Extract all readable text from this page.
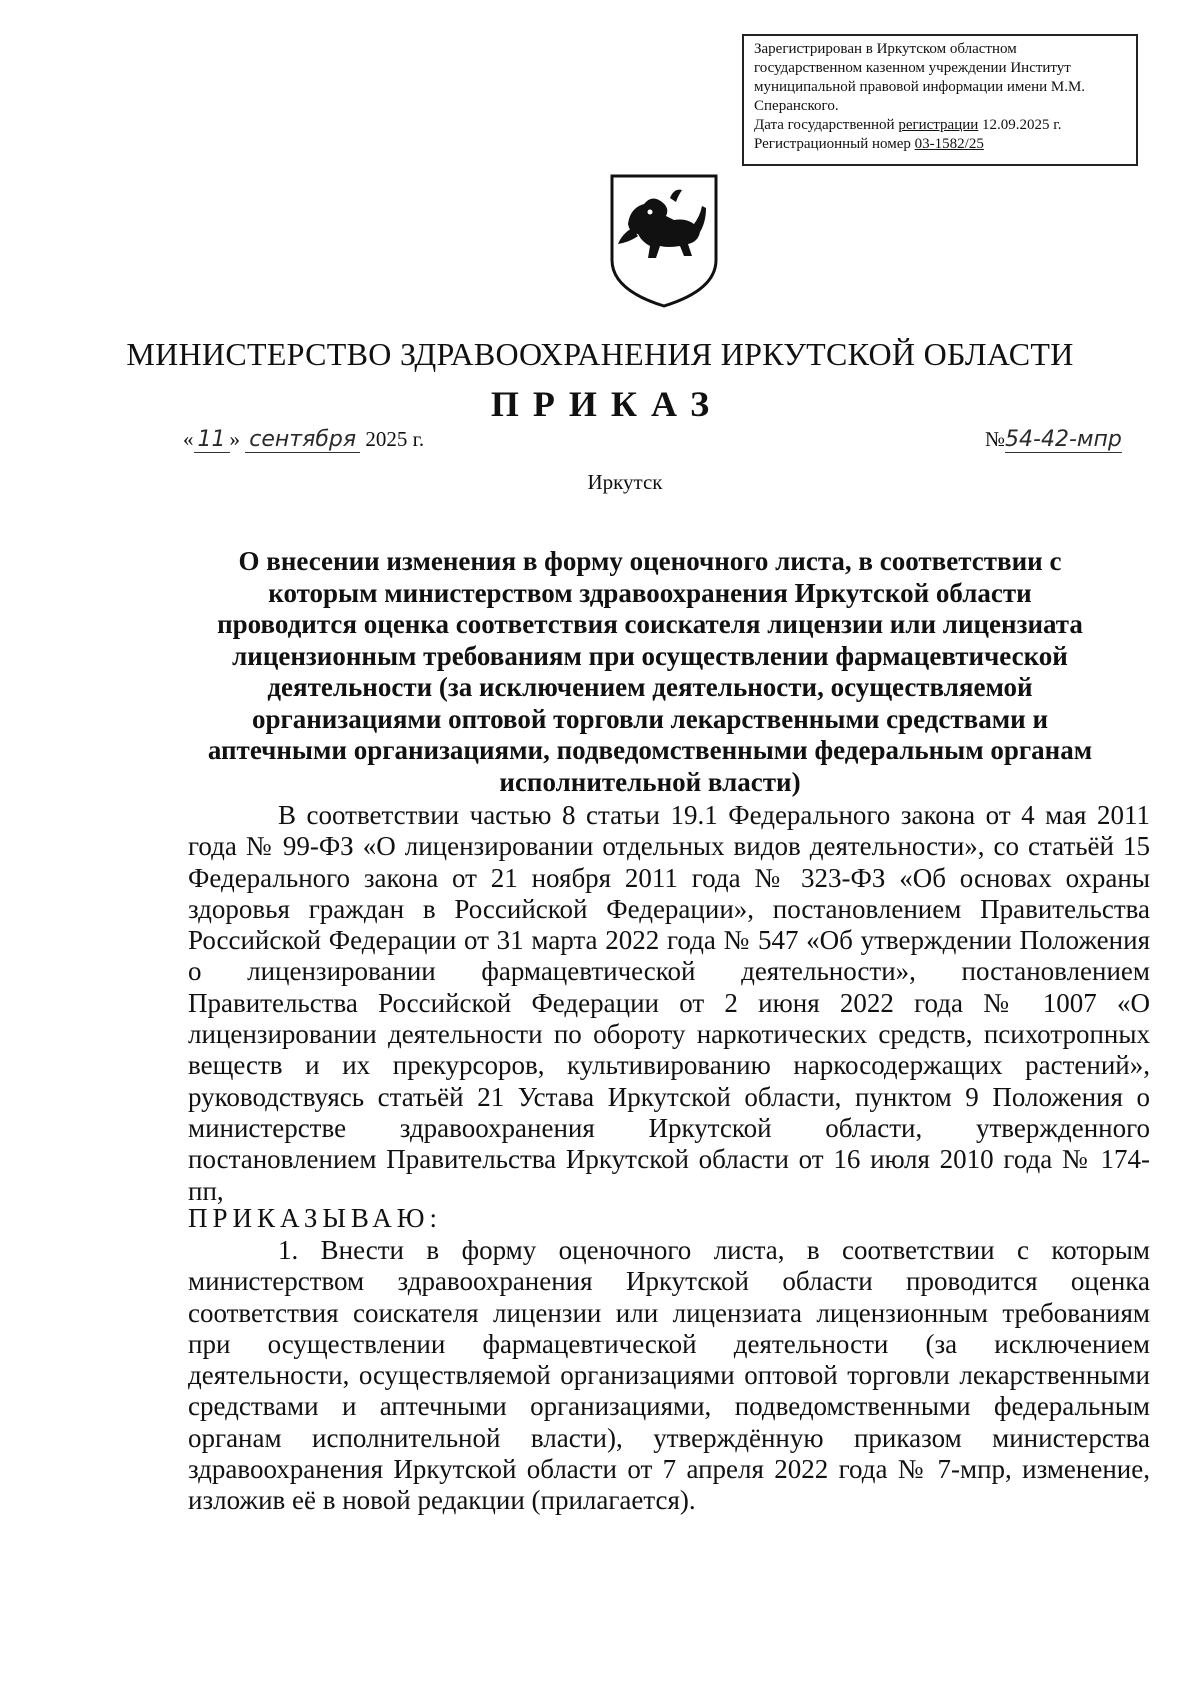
Зарегистрирован в Иркутском областном
государственном казенном учреждении Институт
муниципальной правовой информации имени М.М.
Сперанского.
Дата государственной регистрации 12.09.2025 г.
Регистрационный номер 03-1582/25
МИНИСТЕРСТВО ЗДРАВООХРАНЕНИЯ ИРКУТСКОЙ ОБЛАСТИ
ПРИКАЗ
« 11 » сентября 2025 г.	№54-42-мпр
Иркутск
О внесении изменения в форму оценочного листа, в соответствии с которым министерством здравоохранения Иркутской области проводится оценка соответствия соискателя лицензии или лицензиата лицензионным требованиям при осуществлении фармацевтической деятельности (за исключением деятельности, осуществляемой организациями оптовой торговли лекарственными средствами и аптечными организациями, подведомственными федеральным органам исполнительной власти)

В соответствии частью 8 статьи 19.1 Федерального закона от 4 мая 2011 года № 99-ФЗ «О лицензировании отдельных видов деятельности», со статьёй 15 Федерального закона от 21 ноября 2011 года № 323-ФЗ «Об основах охраны здоровья граждан в Российской Федерации», постановлением Правительства Российской Федерации от 31 марта 2022 года № 547 «Об утверждении Положения о лицензировании фармацевтической деятельности», постановлением Правительства Российской Федерации от 2 июня 2022 года № 1007 «О лицензировании деятельности по обороту наркотических средств, психотропных веществ и их прекурсоров, культивированию наркосодержащих растений», руководствуясь статьёй 21 Устава Иркутской области, пунктом 9 Положения о министерстве здравоохранения Иркутской области, утвержденного постановлением Правительства Иркутской области от 16 июля 2010 года № 174-пп,

ПРИКАЗЫВАЮ:

1. Внести в форму оценочного листа, в соответствии с которым министерством здравоохранения Иркутской области проводится оценка соответствия соискателя лицензии или лицензиата лицензионным требованиям при осуществлении фармацевтической деятельности (за исключением деятельности, осуществляемой организациями оптовой торговли лекарственными средствами и аптечными организациями, подведомственными федеральным органам исполнительной власти), утверждённую приказом министерства здравоохранения Иркутской области от 7 апреля 2022 года № 7-мпр, изменение, изложив её в новой редакции (прилагается).
